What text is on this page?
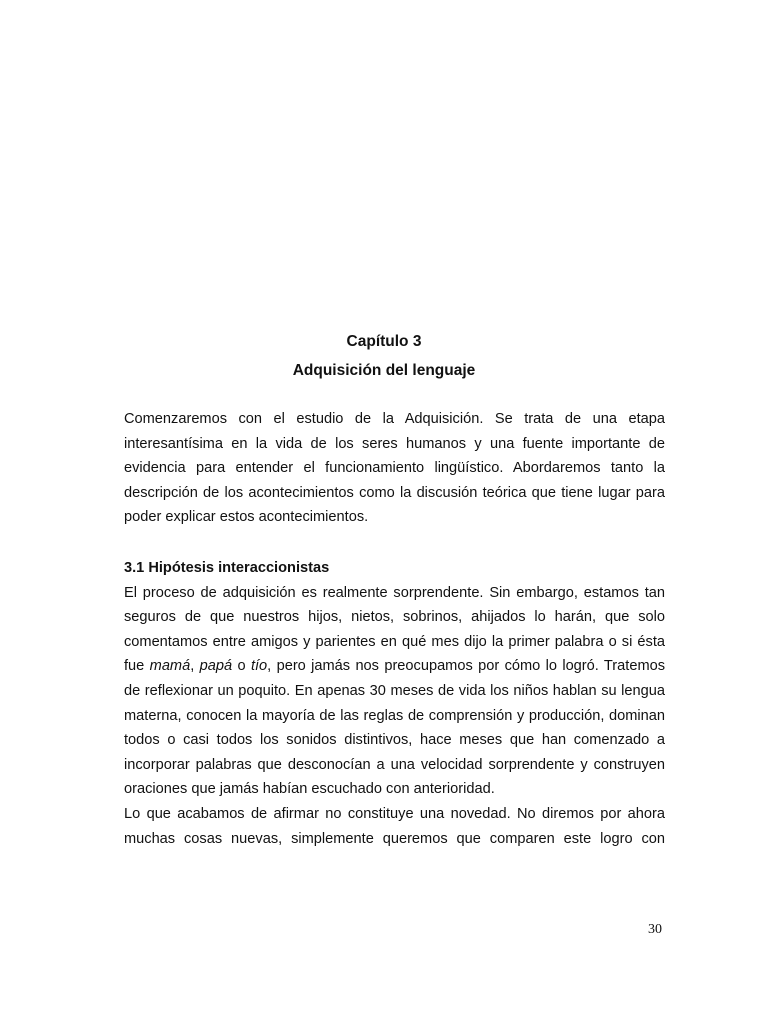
Capítulo 3
Adquisición del lenguaje

Comenzaremos con el estudio de la Adquisición. Se trata de una etapa interesantísima en la vida de los seres humanos y una fuente importante de evidencia para entender el funcionamiento lingüístico. Abordaremos tanto la descripción de los acontecimientos como la discusión teórica que tiene lugar para poder explicar estos acontecimientos.

3.1 Hipótesis interaccionistas

El proceso de adquisición es realmente sorprendente. Sin embargo, estamos tan seguros de que nuestros hijos, nietos, sobrinos, ahijados lo harán, que solo comentamos entre amigos y parientes en qué mes dijo la primer palabra o si ésta fue mamá, papá o tío, pero jamás nos preocupamos por cómo lo logró. Tratemos de reflexionar un poquito. En apenas 30 meses de vida los niños hablan su lengua materna, conocen la mayoría de las reglas de comprensión y producción, dominan todos o casi todos los sonidos distintivos, hace meses que han comenzado a incorporar palabras que desconocían a una velocidad sorprendente y construyen oraciones que jamás habían escuchado con anterioridad.

Lo que acabamos de afirmar no constituye una novedad. No diremos por ahora muchas cosas nuevas, simplemente queremos que comparen este logro con

30
